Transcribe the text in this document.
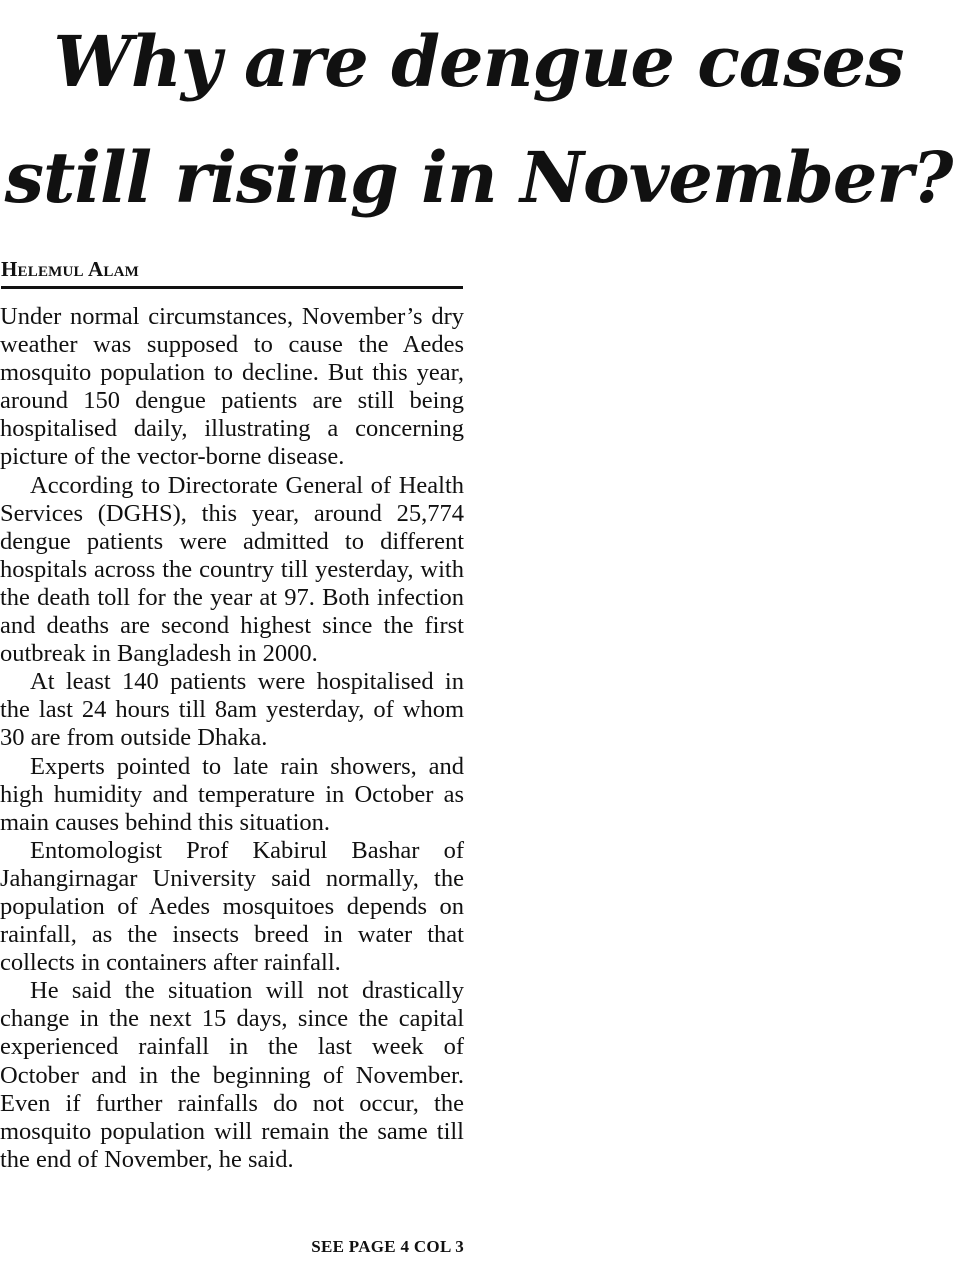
Why are dengue cases
still rising in November?
Helemul Alam

Under normal circumstances, November’s dry weather was supposed to cause the Aedes mosquito population to decline. But this year, around 150 dengue patients are still being hospitalised daily, illustrating a concerning picture of the vector-borne disease.

According to Directorate General of Health Services (DGHS), this year, around 25,774 dengue patients were admitted to different hospitals across the country till yesterday, with the death toll for the year at 97. Both infection and deaths are second highest since the first outbreak in Bangladesh in 2000.

At least 140 patients were hospitalised in the last 24 hours till 8am yesterday, of whom 30 are from outside Dhaka.

Experts pointed to late rain showers, and high humidity and temperature in October as main causes behind this situation.

Entomologist Prof Kabirul Bashar of Jahangirnagar University said normally, the population of Aedes mosquitoes depends on rainfall, as the insects breed in water that collects in containers after rainfall.

He said the situation will not drastically change in the next 15 days, since the capital experienced rainfall in the last week of October and in the beginning of November. Even if further rainfalls do not occur, the mosquito population will remain the same till the end of November, he said.

SEE PAGE 4 COL 3
